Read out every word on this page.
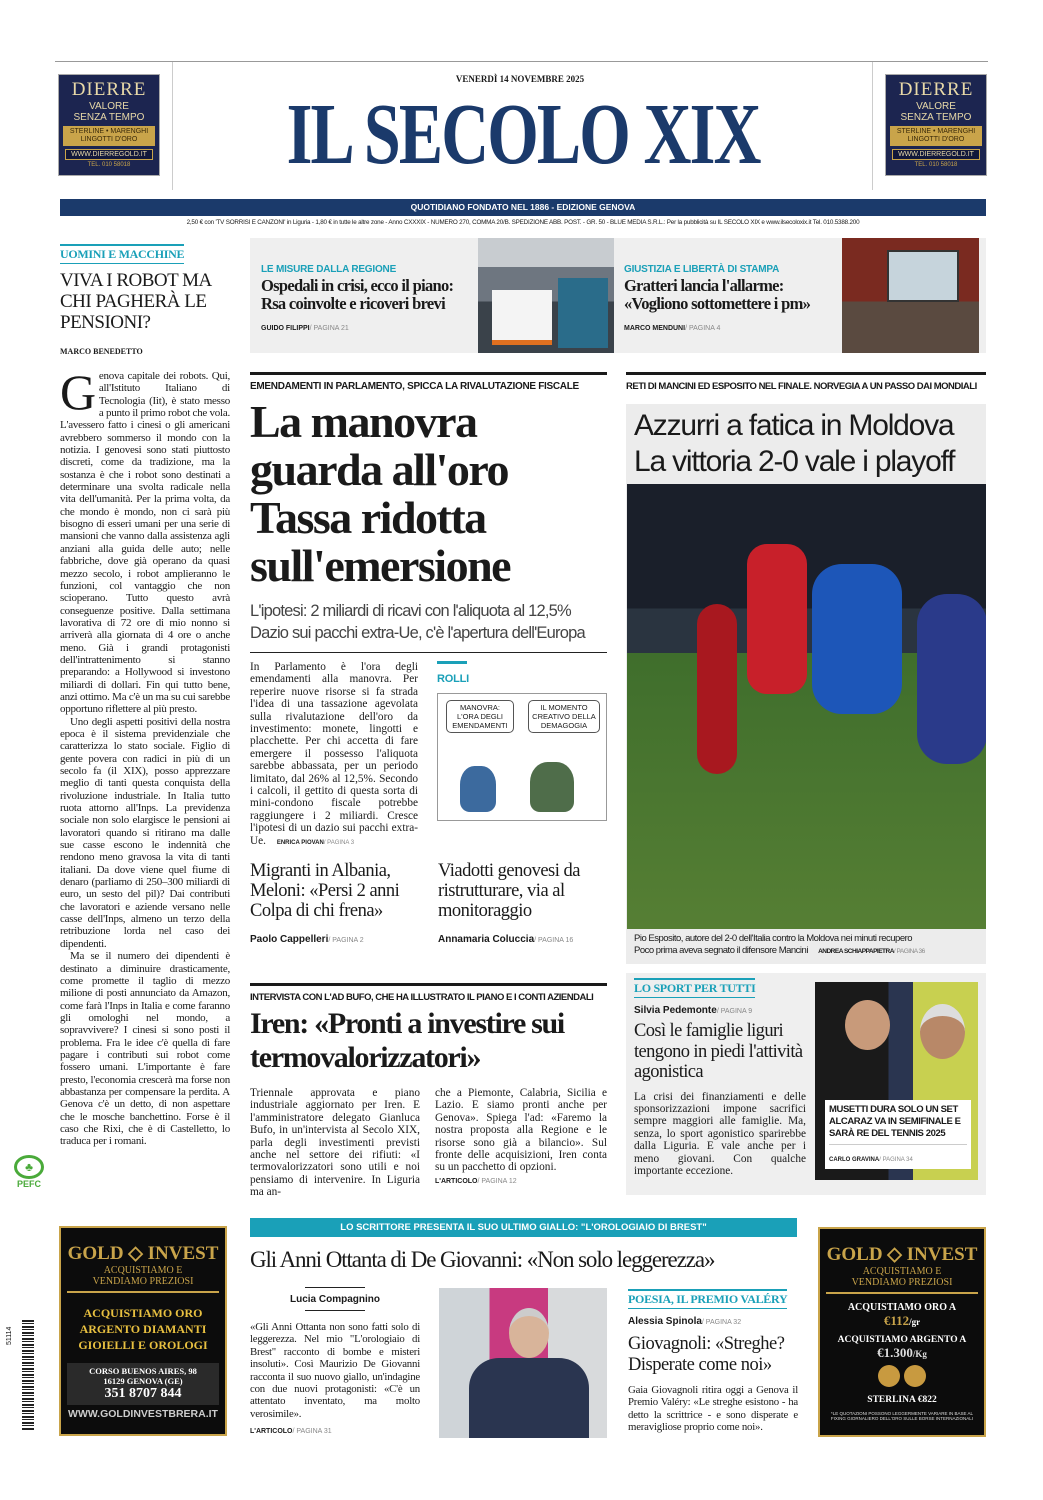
DIERRE
VALORE
SENZA TEMPO
STERLINE • MARENGHI
LINGOTTI D'ORO
WWW.DIERREGOLD.IT
TEL. 010 58018
DIERRE
VALORE
SENZA TEMPO
STERLINE • MARENGHI
LINGOTTI D'ORO
WWW.DIERREGOLD.IT
TEL. 010 58018
VENERDÌ 14 NOVEMBRE 2025
IL SECOLO XIX
QUOTIDIANO FONDATO NEL 1886 - EDIZIONE GENOVA
2,50 € con 'TV SORRISI E CANZONI' in Liguria - 1,80 € in tutte le altre zone - Anno CXXXIX - NUMERO 270, COMMA 20/B. SPEDIZIONE ABB. POST. - GR. 50 - BLUE MEDIA S.R.L.: Per la pubblicità su IL SECOLO XIX e www.ilsecoloxix.it Tel. 010.5388.200
UOMINI E MACCHINE
VIVA I ROBOT MA CHI PAGHERÀ LE PENSIONI?
MARCO BENEDETTO
G enova capitale dei robots. Qui, all'Istituto Italiano di Tecnologia (Iit), è stato messo a punto il primo robot che vola. L'avessero fatto i cinesi o gli americani avrebbero sommerso il mondo con la notizia. I genovesi sono stati piuttosto discreti, come da tradizione, ma la sostanza è che i robot sono destinati a determinare una svolta radicale nella vita dell'umanità. Per la prima volta, da che mondo è mondo, non ci sarà più bisogno di esseri umani per una serie di mansioni che vanno dalla assistenza agli anziani alla guida delle auto; nelle fabbriche, dove già operano da quasi mezzo secolo, i robot amplieranno le funzioni, col vantaggio che non scioperano. Tutto questo avrà conseguenze positive. Dalla settimana lavorativa di 72 ore di mio nonno si arriverà alla giornata di 4 ore o anche meno. Già i grandi protagonisti dell'intrattenimento si stanno preparando: a Hollywood si investono miliardi di dollari. Fin qui tutto bene, anzi ottimo. Ma c'è un ma su cui sarebbe opportuno riflettere al più presto.

Uno degli aspetti positivi della nostra epoca è il sistema previdenziale che caratterizza lo stato sociale. Figlio di gente povera con radici in più di un secolo fa (il XIX), posso apprezzare meglio di tanti questa conquista della rivoluzione industriale. In Italia tutto ruota attorno all'Inps. La previdenza sociale non solo elargisce le pensioni ai lavoratori quando si ritirano ma dalle sue casse escono le indennità che rendono meno gravosa la vita di tanti italiani. Da dove viene quel fiume di denaro (parliamo di 250–300 miliardi di euro, un sesto del pil)? Dai contributi che lavoratori e aziende versano nelle casse dell'Inps, almeno un terzo della retribuzione lorda nel caso dei dipendenti.

Ma se il numero dei dipendenti è destinato a diminuire drasticamente, come promette il taglio di mezzo milione di posti annunciato da Amazon, come farà l'Inps in Italia e come faranno gli omologhi nel mondo, a sopravvivere? I cinesi si sono posti il problema. Fra le idee c'è quella di fare pagare i contributi sui robot come fossero umani. L'importante è fare presto, l'economia crescerà ma forse non abbastanza per compensare la perdita. A Genova c'è un detto, di non aspettare che le mosche banchettino. Forse è il caso che Rixi, che è di Castelletto, lo traduca per i romani.

GOLD ◇ INVEST
ACQUISTIAMO E VENDIAMO PREZIOSI
ACQUISTIAMO ORO
ARGENTO DIAMANTI
GIOIELLI E OROLOGI
CORSO BUENOS AIRES, 98
16129 GENOVA (GE)
351 8707 844
WWW.GOLDINVESTBRERA.IT
LE MISURE DALLA REGIONE
Ospedali in crisi, ecco il piano: Rsa coinvolte e ricoveri brevi
GUIDO FILIPPI/ PAGINA 21
GIUSTIZIA E LIBERTÀ DI STAMPA
Gratteri lancia l'allarme: «Vogliono sottomettere i pm»
MARCO MENDUNI/ PAGINA 4
EMENDAMENTI IN PARLAMENTO, SPICCA LA RIVALUTAZIONE FISCALE
La manovra guarda all'oro Tassa ridotta sull'emersione
L'ipotesi: 2 miliardi di ricavi con l'aliquota al 12,5% Dazio sui pacchi extra-Ue, c'è l'apertura dell'Europa
In Parlamento è l'ora degli emendamenti alla manovra. Per reperire nuove risorse si fa strada l'idea di una tassazione agevolata sulla rivalutazione dell'oro da investimento: monete, lingotti e placchette. Per chi accetta di fare emergere il possesso l'aliquota sarebbe abbassata, per un periodo limitato, dal 26% al 12,5%. Secondo i calcoli, il gettito di questa sorta di mini-condono fiscale potrebbe raggiungere i 2 miliardi. Cresce l'ipotesi di un dazio sui pacchi extra-Ue. ENRICA PIOVAN/ PAGINA 3
ROLLI
MANOVRA: L'ORA DEGLI EMENDAMENTI
IL MOMENTO CREATIVO DELLA DEMAGOGIA
Migranti in Albania, Meloni: «Persi 2 anni Colpa di chi frena»
Paolo Cappelleri/ PAGINA 2
Viadotti genovesi da ristrutturare, via al monitoraggio
Annamaria Coluccia/ PAGINA 16
RETI DI MANCINI ED ESPOSITO NEL FINALE. NORVEGIA A UN PASSO DAI MONDIALI
Azzurri a fatica in Moldova La vittoria 2-0 vale i playoff
Pio Esposito, autore del 2-0 dell'Italia contro la Moldova nei minuti recupero
Poco prima aveva segnato il difensore Mancini ANDREA SCHIAPPAPIETRA/ PAGINA 36
INTERVISTA CON L'AD BUFO, CHE HA ILLUSTRATO IL PIANO E I CONTI AZIENDALI
Iren: «Pronti a investire sui termovalorizzatori»
Triennale approvata e piano industriale aggiornato per Iren. E l'amministratore delegato Gianluca Bufo, in un'intervista al Secolo XIX, parla degli investimenti previsti anche nel settore dei rifiuti: «I termovalorizzatori sono utili e noi pensiamo di intervenire. In Liguria ma an-
che a Piemonte, Calabria, Sicilia e Lazio. E siamo pronti anche per Genova». Spiega l'ad: «Faremo la nostra proposta alla Regione e le risorse sono già a bilancio». Sul fronte delle acquisizioni, Iren conta su un pacchetto di opzioni.
L'ARTICOLO/ PAGINA 12
LO SPORT PER TUTTI
Silvia Pedemonte/ PAGINA 9
Così le famiglie liguri tengono in piedi l'attività agonistica
La crisi dei finanziamenti e delle sponsorizzazioni impone sacrifici sempre maggiori alle famiglie. Ma, senza, lo sport agonistico sparirebbe dalla Liguria. E vale anche per i meno giovani. Con qualche importante eccezione.
MUSETTI DURA SOLO UN SET ALCARAZ VA IN SEMIFINALE E SARÀ RE DEL TENNIS 2025
CARLO GRAVINA/ PAGINA 34
LO SCRITTORE PRESENTA IL SUO ULTIMO GIALLO: "L'OROLOGIAIO DI BREST"
Gli Anni Ottanta di De Giovanni: «Non solo leggerezza»
Lucia Compagnino
«Gli Anni Ottanta non sono fatti solo di leggerezza. Nel mio "L'orologiaio di Brest" racconto di bombe e misteri insoluti». Così Maurizio De Giovanni racconta il suo nuovo giallo, un'indagine con due nuovi protagonisti: «C'è un attentato inventato, ma molto verosimile».
L'ARTICOLO/ PAGINA 31
POESIA, IL PREMIO VALÉRY
Alessia Spinola/ PAGINA 32
Giovagnoli: «Streghe? Disperate come noi»
Gaia Giovagnoli ritira oggi a Genova il Premio Valéry: «Le streghe esistono - ha detto la scrittrice - e sono disperate e meravigliose proprio come noi».
GOLD ◇ INVEST
ACQUISTIAMO E VENDIAMO PREZIOSI
ACQUISTIAMO ORO A
€112/gr
ACQUISTIAMO ARGENTO A
€1.300/Kg

STERLINA €822
*LE QUOTAZIONI POSSONO LEGGERMENTE VARIARE IN BASE AL FIXING GIORNALIERO DELL'ORO SULLE BORSE INTERNAZIONALI
♣
PEFC
51114
